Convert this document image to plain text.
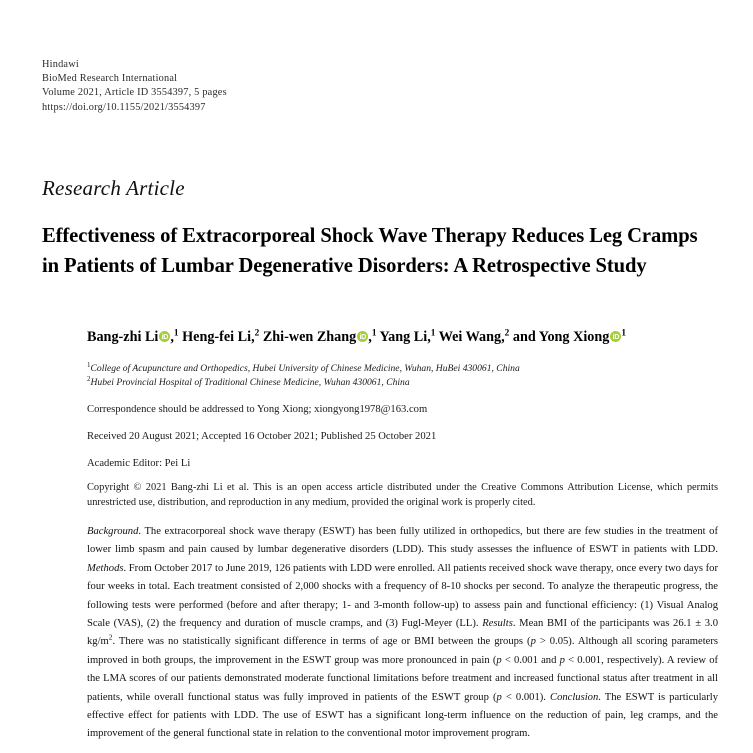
Hindawi
BioMed Research International
Volume 2021, Article ID 3554397, 5 pages
https://doi.org/10.1155/2021/3554397
Research Article
Effectiveness of Extracorporeal Shock Wave Therapy Reduces Leg Cramps in Patients of Lumbar Degenerative Disorders: A Retrospective Study
Bang-zhi Li iD ,$^1$ Heng-fei Li,$^2$ Zhi-wen Zhang iD ,$^1$ Yang Li,$^1$ Wei Wang,$^2$ and Yong Xiong iD $^1$
$^1$College of Acupuncture and Orthopedics, Hubei University of Chinese Medicine, Wuhan, HuBei 430061, China
$^2$Hubei Provincial Hospital of Traditional Chinese Medicine, Wuhan 430061, China
Correspondence should be addressed to Yong Xiong; xiongyong1978@163.com
Received 20 August 2021; Accepted 16 October 2021; Published 25 October 2021
Academic Editor: Pei Li
Copyright © 2021 Bang-zhi Li et al. This is an open access article distributed under the Creative Commons Attribution License, which permits unrestricted use, distribution, and reproduction in any medium, provided the original work is properly cited.
Background. The extracorporeal shock wave therapy (ESWT) has been fully utilized in orthopedics, but there are few studies in the treatment of lower limb spasm and pain caused by lumbar degenerative disorders (LDD). This study assesses the influence of ESWT in patients with LDD. Methods. From October 2017 to June 2019, 126 patients with LDD were enrolled. All patients received shock wave therapy, once every two days for four weeks in total. Each treatment consisted of 2,000 shocks with a frequency of 8-10 shocks per second. To analyze the therapeutic progress, the following tests were performed (before and after therapy; 1- and 3-month follow-up) to assess pain and functional efficiency: (1) Visual Analog Scale (VAS), (2) the frequency and duration of muscle cramps, and (3) Fugl-Meyer (LL). Results. Mean BMI of the participants was 26.1 ± 3.0 $kg/m^2$. There was no statistically significant difference in terms of age or BMI between the groups (p > 0.05). Although all scoring parameters improved in both groups, the improvement in the ESWT group was more pronounced in pain (p < 0.001 and p < 0.001, respectively). A review of the LMA scores of our patients demonstrated moderate functional limitations before treatment and increased functional status after treatment in all patients, while overall functional status was fully improved in patients of the ESWT group (p < 0.001). Conclusion. The ESWT is particularly effective effect for patients with LDD. The use of ESWT has a significant long-term influence on the reduction of pain, leg cramps, and the improvement of the general functional state in relation to the conventional motor improvement program.
